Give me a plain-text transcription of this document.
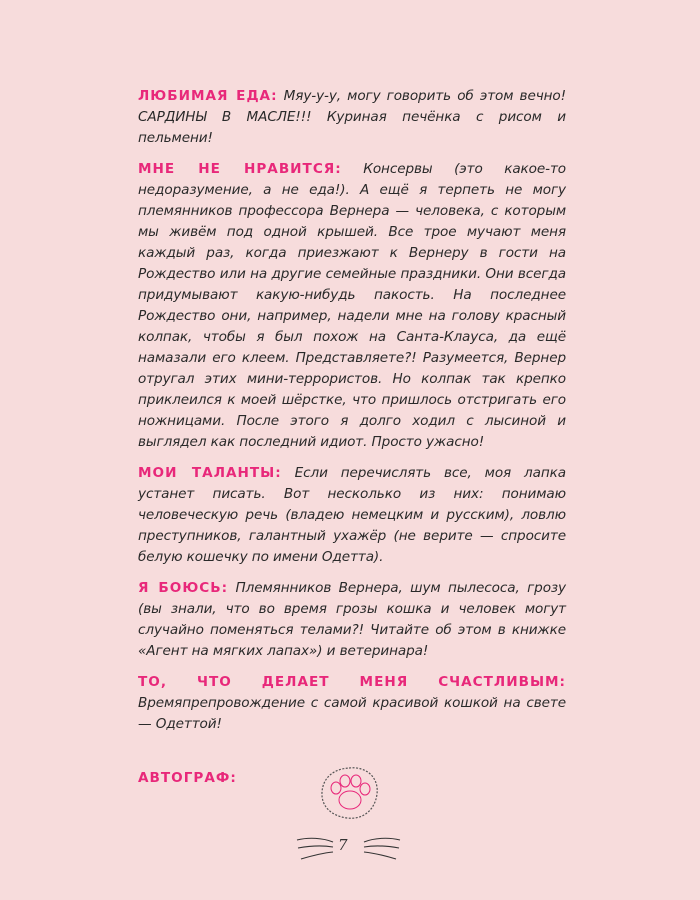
ЛЮБИМАЯ ЕДА: Мяу-у-у, могу говорить об этом вечно! САРДИНЫ В МАСЛЕ!!! Куриная печёнка с рисом и пельмени!

МНЕ НЕ НРАВИТСЯ: Консервы (это какое-то недоразумение, а не еда!). А ещё я терпеть не могу племянников профессора Вернера — человека, с которым мы живём под одной крышей. Все трое мучают меня каждый раз, когда приезжают к Вернеру в гости на Рождество или на другие семейные праздники. Они всегда придумывают какую-нибудь пакость. На последнее Рождество они, например, надели мне на голову красный колпак, чтобы я был похож на Санта-Клауса, да ещё намазали его клеем. Представляете?! Разумеется, Вернер отругал этих мини-террористов. Но колпак так крепко приклеился к моей шёрстке, что пришлось отстригать его ножницами. После этого я долго ходил с лысиной и выглядел как последний идиот. Просто ужасно!

МОИ ТАЛАНТЫ: Если перечислять все, моя лапка устанет писать. Вот несколько из них: понимаю человеческую речь (владею немецким и русским), ловлю преступников, галантный ухажёр (не верите — спросите белую кошечку по имени Одетта).

Я БОЮСЬ: Племянников Вернера, шум пылесоса, грозу (вы знали, что во время грозы кошка и человек могут случайно поменяться телами?! Читайте об этом в книжке «Агент на мягких лапах») и ветеринара!

ТО, ЧТО ДЕЛАЕТ МЕНЯ СЧАСТЛИВЫМ: Времяпрепровождение с самой красивой кошкой на свете — Одеттой!

АВТОГРАФ:
7
